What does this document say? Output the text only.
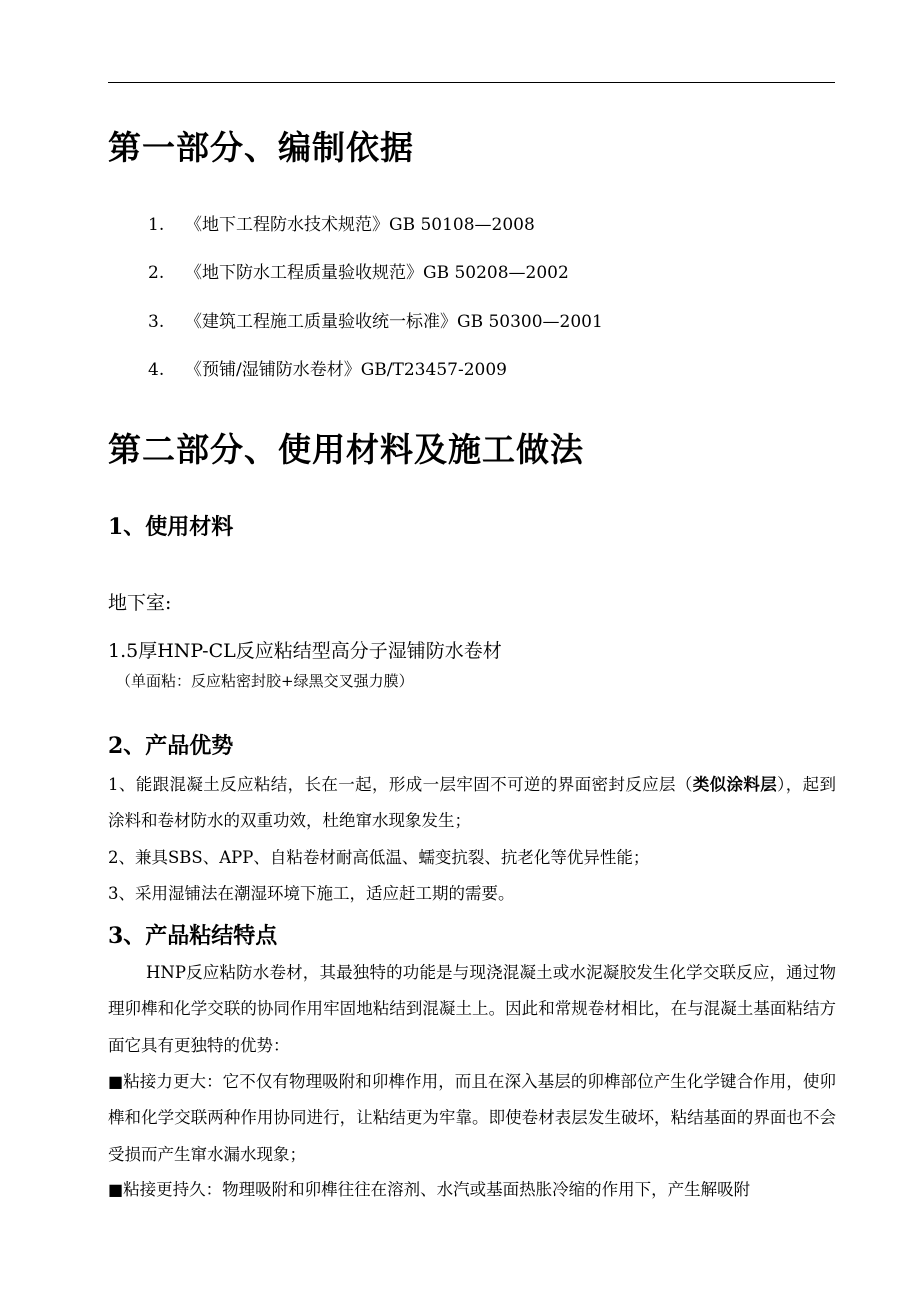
第一部分、编制依据
1. 《地下工程防水技术规范》GB 50108—2008
2. 《地下防水工程质量验收规范》GB 50208—2002
3. 《建筑工程施工质量验收统一标准》GB 50300—2001
4. 《预铺/湿铺防水卷材》GB/T23457-2009
第二部分、使用材料及施工做法
1、使用材料
地下室:
1.5厚HNP-CL反应粘结型高分子湿铺防水卷材
（单面粘：反应粘密封胶+绿黑交叉强力膜）
2、产品优势

1、能跟混凝土反应粘结，长在一起，形成一层牢固不可逆的界面密封反应层（类似涂料层），起到涂料和卷材防水的双重功效，杜绝窜水现象发生；

2、兼具SBS、APP、自粘卷材耐高低温、蠕变抗裂、抗老化等优异性能；

3、采用湿铺法在潮湿环境下施工，适应赶工期的需要。

3、产品粘结特点

HNP反应粘防水卷材，其最独特的功能是与现浇混凝土或水泥凝胶发生化学交联反应，通过物理卯榫和化学交联的协同作用牢固地粘结到混凝土上。因此和常规卷材相比，在与混凝土基面粘结方面它具有更独特的优势：

■粘接力更大：它不仅有物理吸附和卯榫作用，而且在深入基层的卯榫部位产生化学键合作用，使卯榫和化学交联两种作用协同进行，让粘结更为牢靠。即使卷材表层发生破坏，粘结基面的界面也不会受损而产生窜水漏水现象；

■粘接更持久：物理吸附和卯榫往往在溶剂、水汽或基面热胀冷缩的作用下，产生解吸附
